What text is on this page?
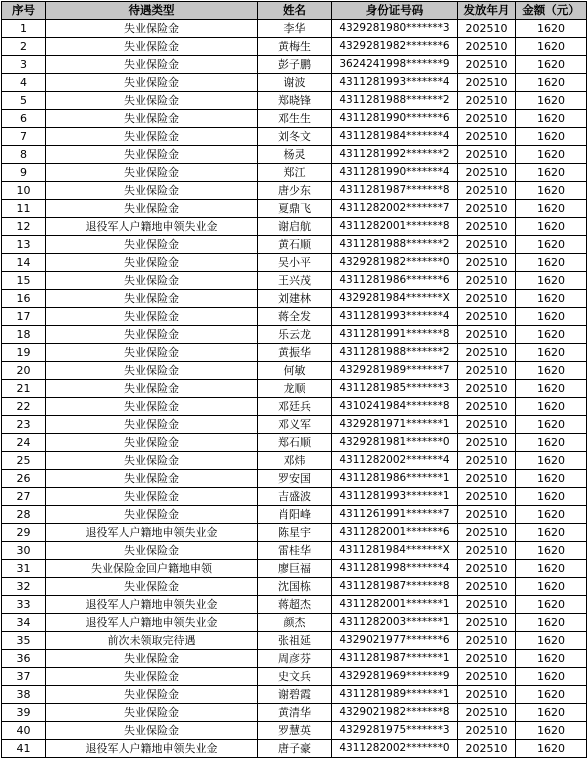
序号	待遇类型	姓名	身份证号码	发放年月	金额（元）
1	失业保险金	李华	4329281980*******3	202510	1620
2	失业保险金	黄梅生	4329281982*******6	202510	1620
3	失业保险金	彭子鹏	3624241998*******9	202510	1620
4	失业保险金	谢波	4311281993*******4	202510	1620
5	失业保险金	郑晓锋	4311281988*******2	202510	1620
6	失业保险金	邓生生	4311281990*******6	202510	1620
7	失业保险金	刘冬文	4311281984*******4	202510	1620
8	失业保险金	杨灵	4311281992*******2	202510	1620
9	失业保险金	郑江	4311281990*******4	202510	1620
10	失业保险金	唐少东	4311281987*******8	202510	1620
11	失业保险金	夏鼎飞	4311282002*******7	202510	1620
12	退役军人户籍地申领失业金	谢启航	4311282001*******8	202510	1620
13	失业保险金	黄石顺	4311281988*******2	202510	1620
14	失业保险金	吴小平	4329281982*******0	202510	1620
15	失业保险金	王兴茂	4311281986*******6	202510	1620
16	失业保险金	刘建林	4329281984*******X	202510	1620
17	失业保险金	蒋全发	4311281993*******4	202510	1620
18	失业保险金	乐云龙	4311281991*******8	202510	1620
19	失业保险金	黄振华	4311281988*******2	202510	1620
20	失业保险金	何敏	4329281989*******7	202510	1620
21	失业保险金	龙顺	4311281985*******3	202510	1620
22	失业保险金	邓廷兵	4310241984*******8	202510	1620
23	失业保险金	邓义军	4329281971*******1	202510	1620
24	失业保险金	郑石顺	4329281981*******0	202510	1620
25	失业保险金	邓炜	4311282002*******4	202510	1620
26	失业保险金	罗安国	4311281986*******1	202510	1620
27	失业保险金	吉盛波	4311281993*******1	202510	1620
28	失业保险金	肖阳峰	4311261991*******7	202510	1620
29	退役军人户籍地申领失业金	陈星宇	4311282001*******6	202510	1620
30	失业保险金	雷桂华	4311281984*******X	202510	1620
31	失业保险金回户籍地申领	廖巨福	4311281998*******4	202510	1620
32	失业保险金	沈国栋	4311281987*******8	202510	1620
33	退役军人户籍地申领失业金	蒋超杰	4311282001*******1	202510	1620
34	退役军人户籍地申领失业金	颜杰	4311282003*******1	202510	1620
35	前次未领取完待遇	张祖延	4329021977*******6	202510	1620
36	失业保险金	周彦芬	4311281987*******1	202510	1620
37	失业保险金	史文兵	4329281969*******9	202510	1620
38	失业保险金	谢碧霞	4311281989*******1	202510	1620
39	失业保险金	黄清华	4329021982*******8	202510	1620
40	失业保险金	罗慧英	4329281975*******3	202510	1620
41	退役军人户籍地申领失业金	唐子豪	4311282002*******0	202510	1620
